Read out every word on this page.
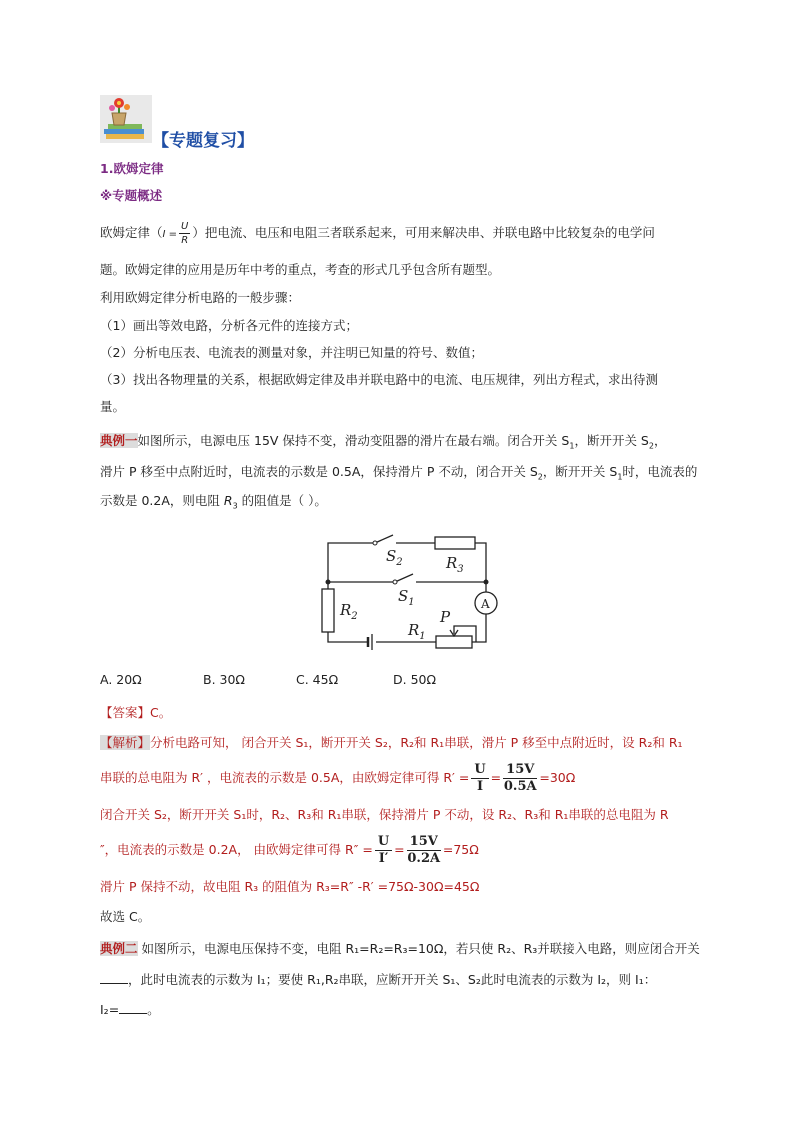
【专题复习】
1.欧姆定律
※专题概述
欧姆定律（$I = \frac{U}{R}$ ）把电流、电压和电阻三者联系起来，可用来解决串、并联电路中比较复杂的电学问
题。欧姆定律的应用是历年中考的重点，考查的形式几乎包含所有题型。
利用欧姆定律分析电路的一般步骤：
（1）画出等效电路，分析各元件的连接方式；
（2）分析电压表、电流表的测量对象，并注明已知量的符号、数值；
（3）找出各物理量的关系，根据欧姆定律及串并联电路中的电流、电压规律，列出方程式，求出待测
量。
典例一如图所示，电源电压 15V 保持不变，滑动变阻器的滑片在最右端。闭合开关 $S_1$，断开开关 $S_2$，
滑片 P 移至中点附近时，电流表的示数是 0.5A，保持滑片 P 不动，闭合开关 $S_2$，断开开关 $S_1$时，电流表的
示数是 0.2A，则电阻 $R_3$ 的阻值是（ ）。
$S_2$	$R_3$
$S_1$
$R_2$	P
$R_1$
A
A. 20Ω	B. 30Ω	C. 45Ω	D. 50Ω
【答案】C。
【解析】分析电路可知， 闭合开关 S₁，断开开关 S₂，R₂和 R₁串联，滑片 P 移至中点附近时，设 R₂和 R₁
串联的总电阻为 R′ ，电流表的示数是 0.5A，由欧姆定律可得 $R' = \frac{U}{I} = \frac{15V}{0.5A} =30\Omega$
闭合开关 S₂，断开开关 S₁时，R₂、R₃和 R₁串联，保持滑片 P 不动，设 R₂、R₃和 R₁串联的总电阻为 R
″，电流表的示数是 0.2A， 由欧姆定律可得 $R'' = \frac{U}{I'} = \frac{15V}{0.2A} =75\Omega$
滑片 P 保持不动，故电阻 R₃ 的阻值为 R₃=R″ -R′ =75Ω-30Ω=45Ω
故选 C。
典例二 如图所示，电源电压保持不变，电阻 R₁=R₂=R₃=10Ω，若只使 R₂、R₃并联接入电路，则应闭合开关
，此时电流表的示数为 I₁；要使 R₁,R₂串联，应断开开关 S₁、S₂此时电流表的示数为 I₂，则 I₁：
I₂= 。
